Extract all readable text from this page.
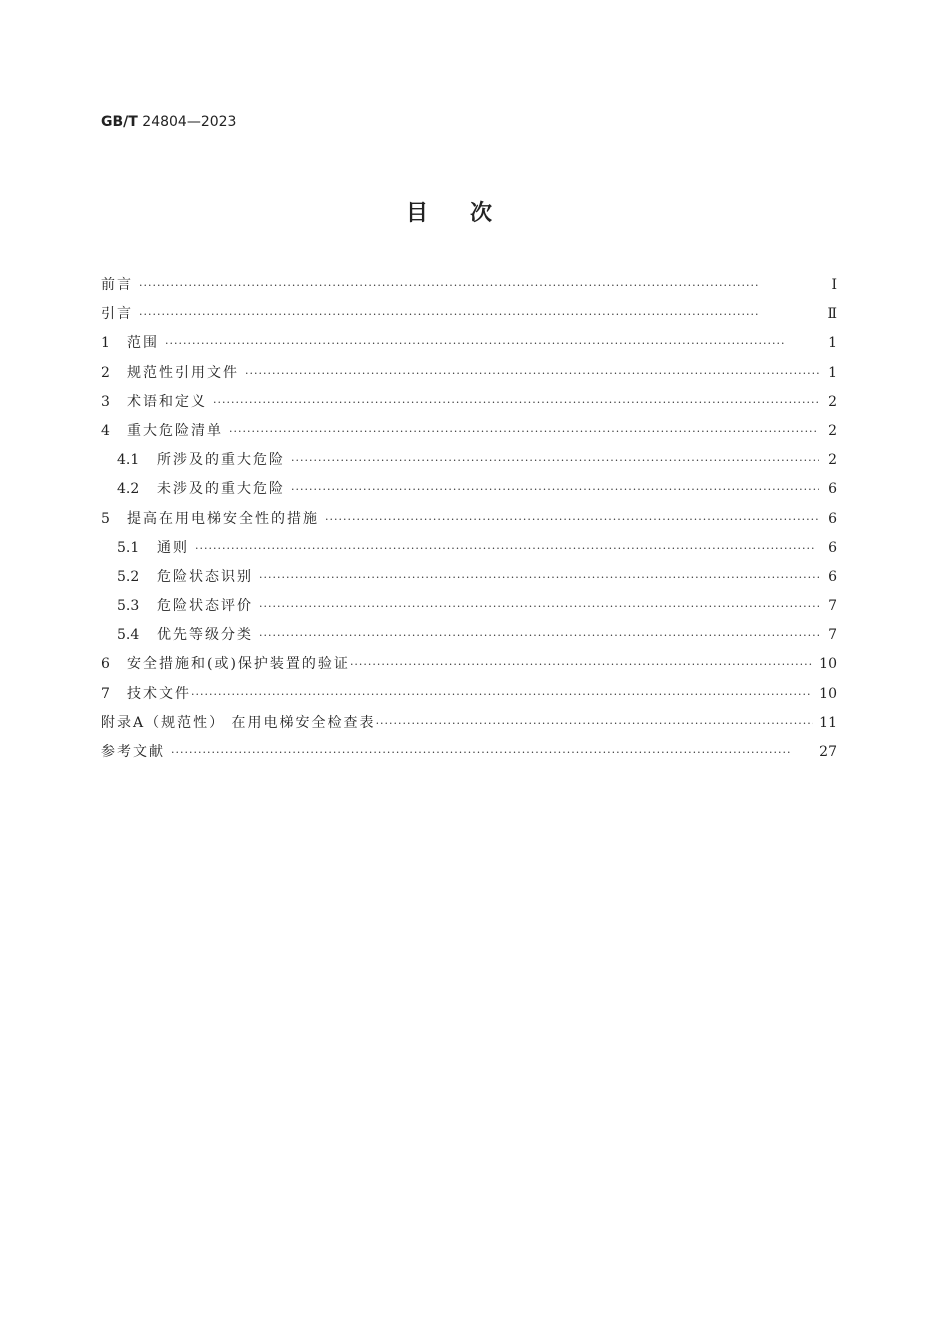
GB/T 24804—2023
目次
前言 ·····	Ⅰ
引言 ·····	Ⅱ
1	范围 ·····	1
2	规范性引用文件 ·····	1
3	术语和定义 ·····	2
4	重大危险清单 ·····	2
4.1	所涉及的重大危险 ·····	2
4.2	未涉及的重大危险 ·····	6
5	提高在用电梯安全性的措施 ·····	6
5.1	通则 ·····	6
5.2	危险状态识别 ·····	6
5.3	危险状态评价 ·····	7
5.4	优先等级分类 ·····	7
6	安全措施和(或)保护装置的验证 ·····	10
7	技术文件 ·····	10
附录A（规范性） 在用电梯安全检查表 ·····	11
参考文献 ·····	27
